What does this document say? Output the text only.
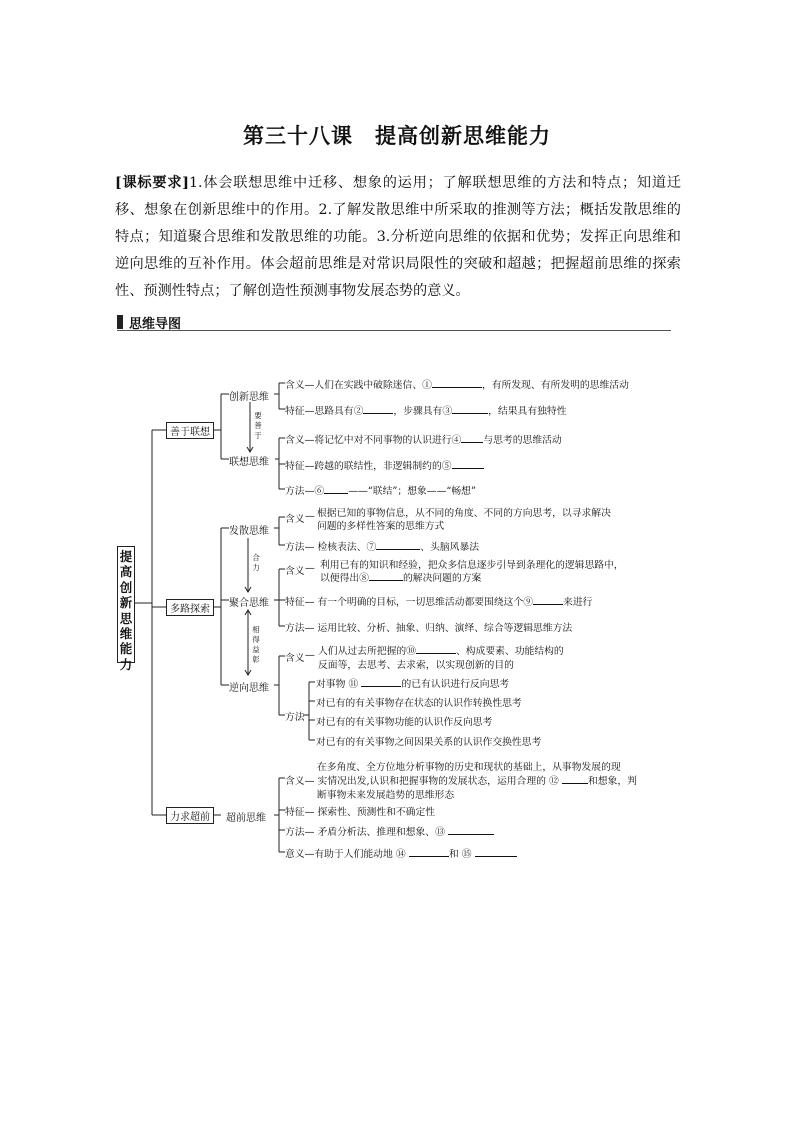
第三十八课　提高创新思维能力
[课标要求]1.体会联想思维中迁移、想象的运用；了解联想思维的方法和特点；知道迁移、想象在创新思维中的作用。2.了解发散思维中所采取的推测等方法；概括发散思维的特点；知道聚合思维和发散思维的功能。3.分析逆向思维的依据和优势；发挥正向思维和逆向思维的互补作用。体会超前思维是对常识局限性的突破和超越；把握超前思维的探索性、预测性特点；了解创造性预测事物发展态势的意义。
思维导图
提高创新思维能力
善于联想
多路探索
力求超前
创新思维
联想思维
发散思维
聚合思维
逆向思维
超前思维
要善于
合力
相得益彰
含义—人们在实践中破除迷信、①	，有所发现、有所发明的思维活动
特征—思路具有②	，步骤具有③	，结果具有独特性
含义—将记忆中对不同事物的认识进行④ 与思考的思维活动
特征—跨越的联结性，非逻辑制约的⑤
方法—⑥ ——“联结”；想象——“畅想”
含义 — 根据已知的事物信息，从不同的角度、不同的方向思考，以寻求解决
问题的多样性答案的思维方式
方法— 检核表法、⑦	、头脑风暴法
含义 — 利用已有的知识和经验，把众多信息逐步引导到条理化的逻辑思路中，
以便得出⑧	的解决问题的方案
特征— 有一个明确的目标，一切思维活动都要围绕这个⑨	来进行
方法— 运用比较、分析、抽象、归纳、演绎、综合等逻辑思维方法
含义 — 人们从过去所把握的⑩	、构成要素、功能结构的
反面等，去思考、去求索，以实现创新的目的
方法
对事物 ⑪	的已有认识进行反向思考
对已有的有关事物存在状态的认识作转换性思考
对已有的有关事物功能的认识作反向思考
对已有的有关事物之间因果关系的认识作交换性思考
在多角度、全方位地分析事物的历史和现状的基础上，从事物发展的现
含义— 实情况出发,认识和把握事物的发展状态，运用合理的 ⑫	和想象，判
断事物未来发展趋势的思维形态
特征— 探索性、预测性和不确定性
方法— 矛盾分析法、推理和想象、⑬
意义—有助于人们能动地 ⑭	和 ⑮
